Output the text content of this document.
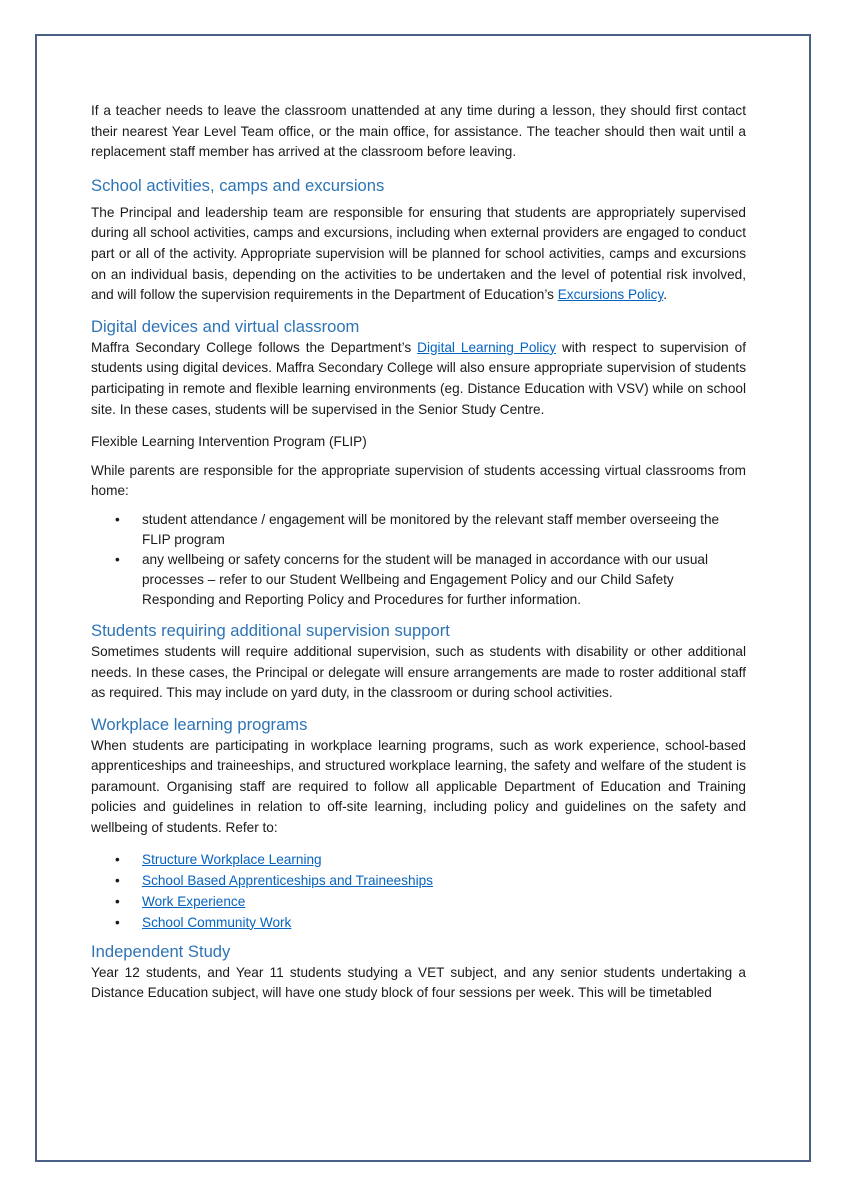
If a teacher needs to leave the classroom unattended at any time during a lesson, they should first contact their nearest Year Level Team office, or the main office, for assistance. The teacher should then wait until a replacement staff member has arrived at the classroom before leaving.

School activities, camps and excursions

The Principal and leadership team are responsible for ensuring that students are appropriately supervised during all school activities, camps and excursions, including when external providers are engaged to conduct part or all of the activity. Appropriate supervision will be planned for school activities, camps and excursions on an individual basis, depending on the activities to be undertaken and the level of potential risk involved, and will follow the supervision requirements in the Department of Education’s Excursions Policy.

Digital devices and virtual classroom

Maffra Secondary College follows the Department’s Digital Learning Policy with respect to supervision of students using digital devices. Maffra Secondary College will also ensure appropriate supervision of students participating in remote and flexible learning environments (eg. Distance Education with VSV) while on school site. In these cases, students will be supervised in the Senior Study Centre.

Flexible Learning Intervention Program (FLIP)

While parents are responsible for the appropriate supervision of students accessing virtual classrooms from home:

• student attendance / engagement will be monitored by the relevant staff member overseeing the FLIP program
• any wellbeing or safety concerns for the student will be managed in accordance with our usual processes – refer to our Student Wellbeing and Engagement Policy and our Child Safety Responding and Reporting Policy and Procedures for further information.
Students requiring additional supervision support

Sometimes students will require additional supervision, such as students with disability or other additional needs. In these cases, the Principal or delegate will ensure arrangements are made to roster additional staff as required. This may include on yard duty, in the classroom or during school activities.

Workplace learning programs

When students are participating in workplace learning programs, such as work experience, school-based apprenticeships and traineeships, and structured workplace learning, the safety and welfare of the student is paramount. Organising staff are required to follow all applicable Department of Education and Training policies and guidelines in relation to off-site learning, including policy and guidelines on the safety and wellbeing of students. Refer to:

• Structure Workplace Learning
• School Based Apprenticeships and Traineeships
• Work Experience
• School Community Work
Independent Study

Year 12 students, and Year 11 students studying a VET subject, and any senior students undertaking a Distance Education subject, will have one study block of four sessions per week. This will be timetabled
